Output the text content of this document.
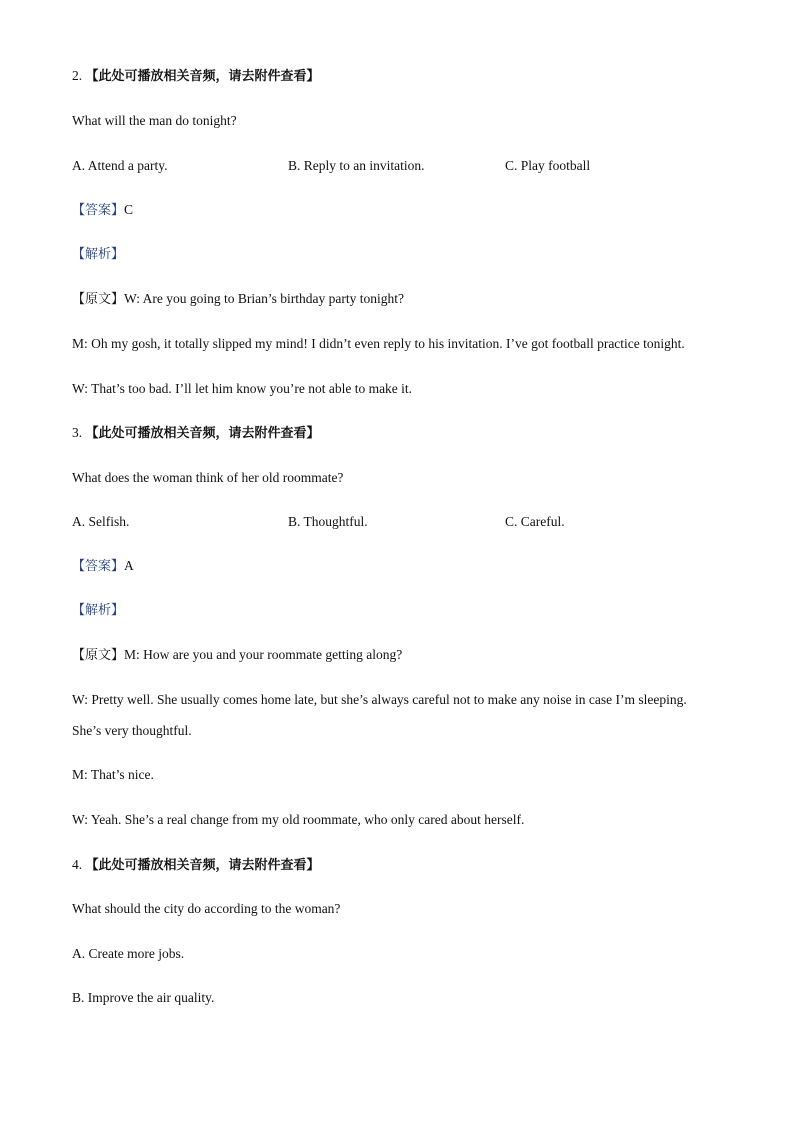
2. 【此处可播放相关音频，请去附件查看】
What will the man do tonight?
A. Attend a party.	B. Reply to an invitation.	C. Play football
【答案】C
【解析】
【原文】W: Are you going to Brian’s birthday party tonight?
M: Oh my gosh, it totally slipped my mind! I didn’t even reply to his invitation. I’ve got football practice tonight.
W: That’s too bad. I’ll let him know you’re not able to make it.
3. 【此处可播放相关音频，请去附件查看】
What does the woman think of her old roommate?
A. Selfish.	B. Thoughtful.	C. Careful.
【答案】A
【解析】
【原文】M: How are you and your roommate getting along?
W: Pretty well. She usually comes home late, but she’s always careful not to make any noise in case I’m sleeping.
She’s very thoughtful.
M: That’s nice.
W: Yeah. She’s a real change from my old roommate, who only cared about herself.
4. 【此处可播放相关音频，请去附件查看】
What should the city do according to the woman?
A. Create more jobs.
B. Improve the air quality.
